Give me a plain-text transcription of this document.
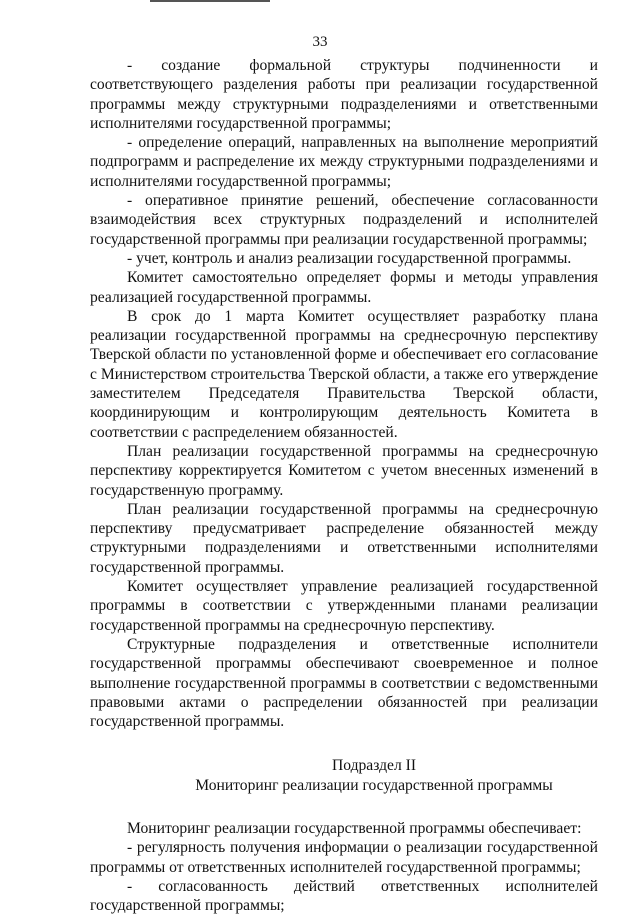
33

- создание формальной структуры подчиненности и соответствующего разделения работы при реализации государственной программы между структурными подразделениями и ответственными исполнителями государственной программы;

- определение операций, направленных на выполнение мероприятий подпрограмм и распределение их между структурными подразделениями и исполнителями государственной программы;

- оперативное принятие решений, обеспечение согласованности взаимодействия всех структурных подразделений и исполнителей государственной программы при реализации государственной программы;

- учет, контроль и анализ реализации государственной программы.

Комитет самостоятельно определяет формы и методы управления реализацией государственной программы.

В срок до 1 марта Комитет осуществляет разработку плана реализации государственной программы на среднесрочную перспективу Тверской области по установленной форме и обеспечивает его согласование с Министерством строительства Тверской области, а также его утверждение заместителем Председателя Правительства Тверской области, координирующим и контролирующим деятельность Комитета в соответствии с распределением обязанностей.

План реализации государственной программы на среднесрочную перспективу корректируется Комитетом с учетом внесенных изменений в государственную программу.

План реализации государственной программы на среднесрочную перспективу предусматривает распределение обязанностей между структурными подразделениями и ответственными исполнителями государственной программы.

Комитет осуществляет управление реализацией государственной программы в соответствии с утвержденными планами реализации государственной программы на среднесрочную перспективу.

Структурные подразделения и ответственные исполнители государственной программы обеспечивают своевременное и полное выполнение государственной программы в соответствии с ведомственными правовыми актами о распределении обязанностей при реализации государственной программы.

Подраздел II

Мониторинг реализации государственной программы

Мониторинг реализации государственной программы обеспечивает:

- регулярность получения информации о реализации государственной программы от ответственных исполнителей государственной программы;

- согласованность действий ответственных исполнителей государственной программы;
